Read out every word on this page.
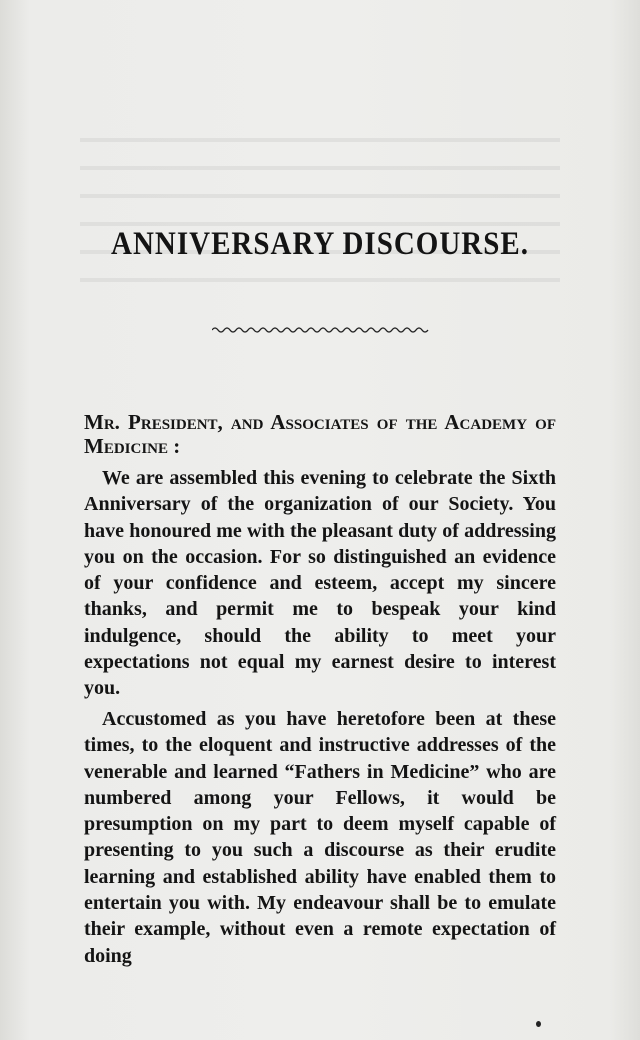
ANNIVERSARY DISCOURSE.
Mr. President, and Associates of the Academy of Medicine :

We are assembled this evening to celebrate the Sixth Anniversary of the organization of our Society. You have honoured me with the pleasant duty of addressing you on the occasion. For so distinguished an evidence of your confidence and esteem, accept my sincere thanks, and permit me to bespeak your kind indulgence, should the ability to meet your expectations not equal my earnest desire to interest you.

Accustomed as you have heretofore been at these times, to the eloquent and instructive addresses of the venerable and learned “Fathers in Medicine” who are numbered among your Fellows, it would be presumption on my part to deem myself capable of presenting to you such a discourse as their erudite learning and established ability have enabled them to entertain you with. My endeavour shall be to emulate their example, without even a remote expectation of doing
